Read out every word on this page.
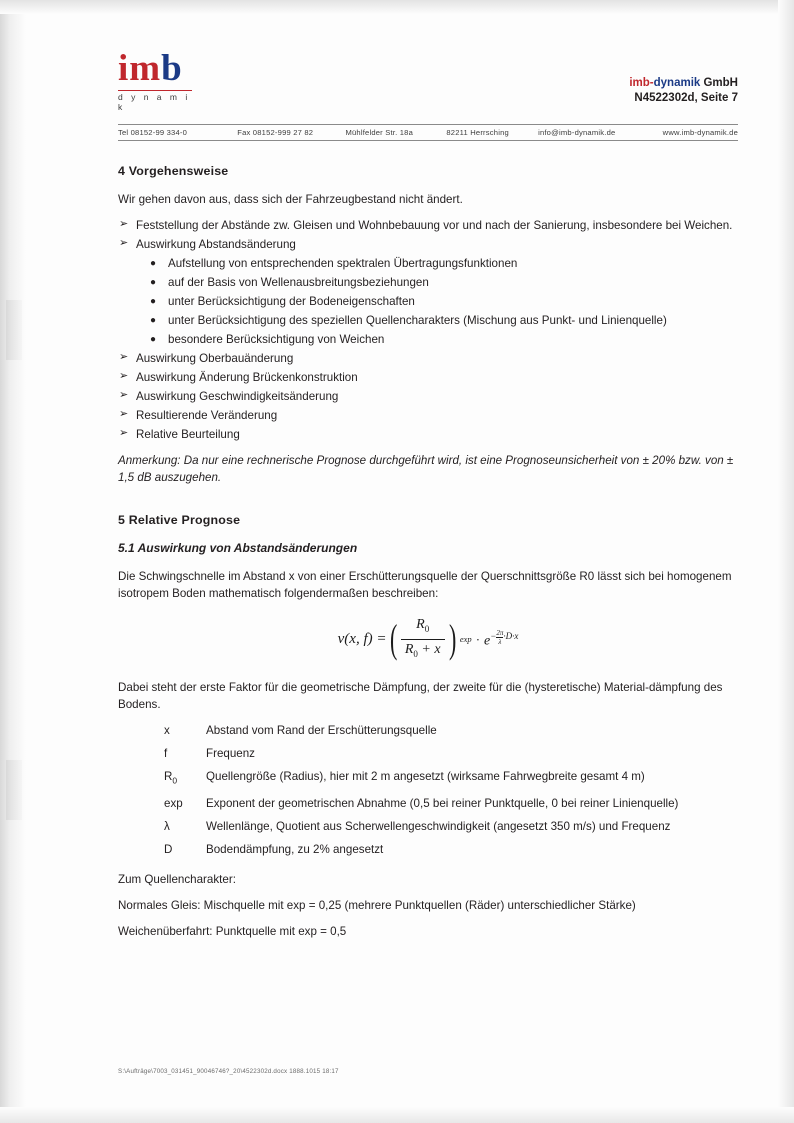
imb
d y n a m i k
imb-dynamik GmbH
N4522302d, Seite 7
Tel 08152-99 334-0	Fax 08152-999 27 82	Mühlfelder Str. 18a	82211 Herrsching	info@imb-dynamik.de	www.imb-dynamik.de
4 Vorgehensweise

Wir gehen davon aus, dass sich der Fahrzeugbestand nicht ändert.

➢ Feststellung der Abstände zw. Gleisen und Wohnbebauung vor und nach der Sanierung, insbesondere bei Weichen.
➢ Auswirkung Abstandsänderung
● Aufstellung von entsprechenden spektralen Übertragungsfunktionen
● auf der Basis von Wellenausbreitungsbeziehungen
● unter Berücksichtigung der Bodeneigenschaften
● unter Berücksichtigung des speziellen Quellencharakters (Mischung aus Punkt- und Linienquelle)
● besondere Berücksichtigung von Weichen
➢ Auswirkung Oberbauänderung
➢ Auswirkung Änderung Brückenkonstruktion
➢ Auswirkung Geschwindigkeitsänderung
➢ Resultierende Veränderung
➢ Relative Beurteilung

Anmerkung: Da nur eine rechnerische Prognose durchgeführt wird, ist eine Prognoseunsicherheit von ± 20% bzw. von ± 1,5 dB auszugehen.

5 Relative Prognose
5.1 Auswirkung von Abstandsänderungen

Die Schwingschnelle im Abstand x von einer Erschütterungsquelle der Querschnittsgröße R0 lässt sich bei homogenem isotropem Boden mathematisch folgendermaßen beschreiben:

v(x, f) = ( $\frac{R_0}{R_0 + x}$ ) $\exp \cdot e^{- \frac{2\pi}{\lambda} \cdot D\cdot x}$

Dabei steht der erste Faktor für die geometrische Dämpfung, der zweite für die (hysteretische) Material-dämpfung des Bodens.

x	Abstand vom Rand der Erschütterungsquelle
f	Frequenz
$R_0$	Quellengröße (Radius), hier mit 2 m angesetzt (wirksame Fahrwegbreite gesamt 4 m)
exp	Exponent der geometrischen Abnahme (0,5 bei reiner Punktquelle, 0 bei reiner Linienquelle)
λ	Wellenlänge, Quotient aus Scherwellengeschwindigkeit (angesetzt 350 m/s) und Frequenz
D	Bodendämpfung, zu 2% angesetzt

Zum Quellencharakter:

Normales Gleis: Mischquelle mit exp = 0,25 (mehrere Punktquellen (Räder) unterschiedlicher Stärke)

Weichenüberfahrt: Punktquelle mit exp = 0,5

S:\Aufträge\7003_031451_90046746?_20\4522302d.docx 1888.1015 18:17
